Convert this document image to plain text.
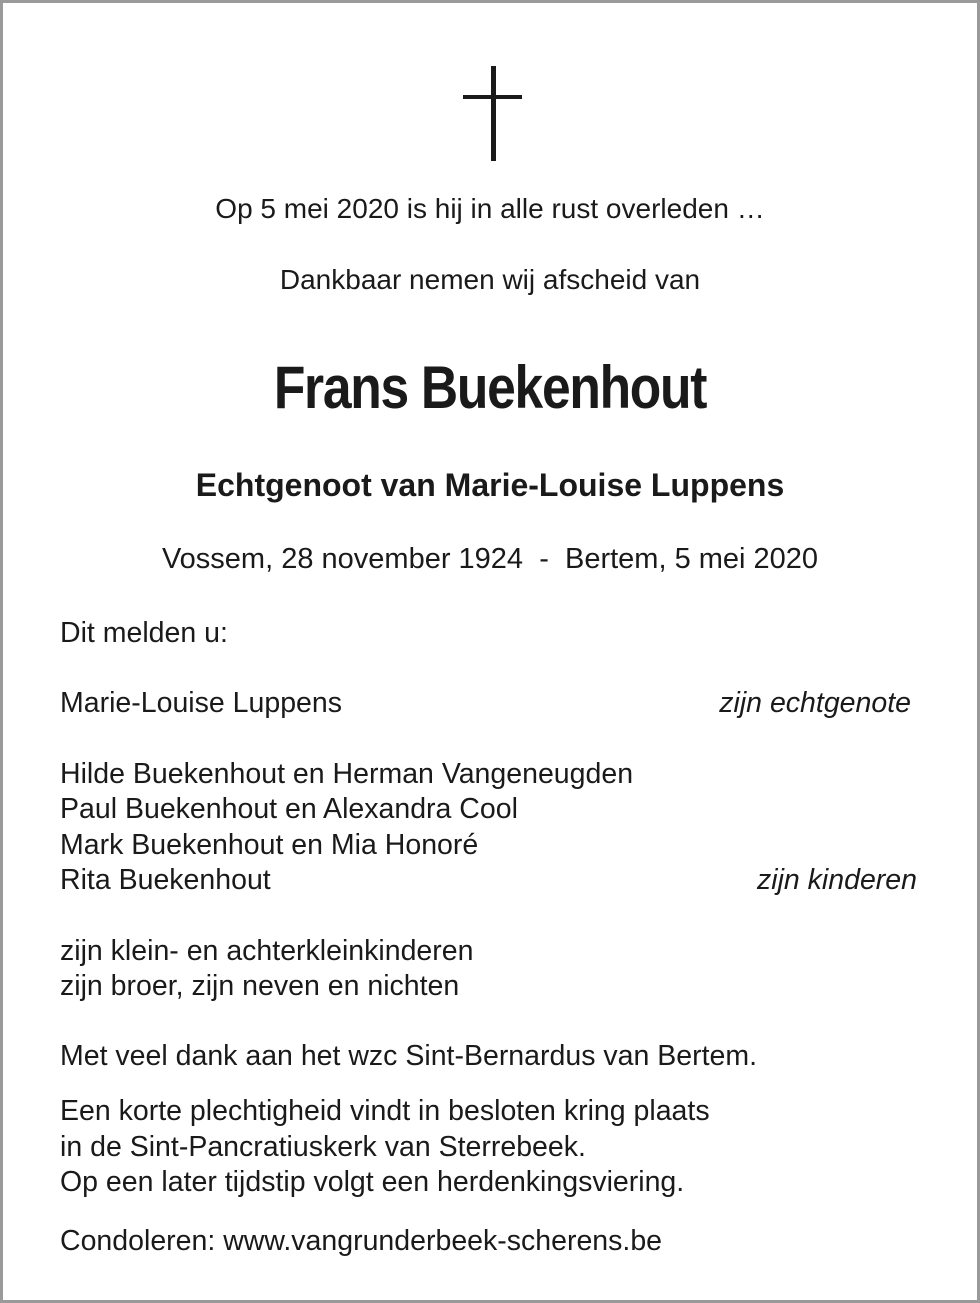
Op 5 mei 2020 is hij in alle rust overleden …
Dankbaar nemen wij afscheid van
Frans Buekenhout
Echtgenoot van Marie-Louise Luppens
Vossem, 28 november 1924 - Bertem, 5 mei 2020
Dit melden u:
Marie-Louise Luppens	zijn echtgenote
Hilde Buekenhout en Herman Vangeneugden
Paul Buekenhout en Alexandra Cool
Mark Buekenhout en Mia Honoré
Rita Buekenhout	zijn kinderen
zijn klein- en achterkleinkinderen
zijn broer, zijn neven en nichten
Met veel dank aan het wzc Sint-Bernardus van Bertem.
Een korte plechtigheid vindt in besloten kring plaats
in de Sint-Pancratiuskerk van Sterrebeek.
Op een later tijdstip volgt een herdenkingsviering.
Condoleren: www.vangrunderbeek-scherens.be
